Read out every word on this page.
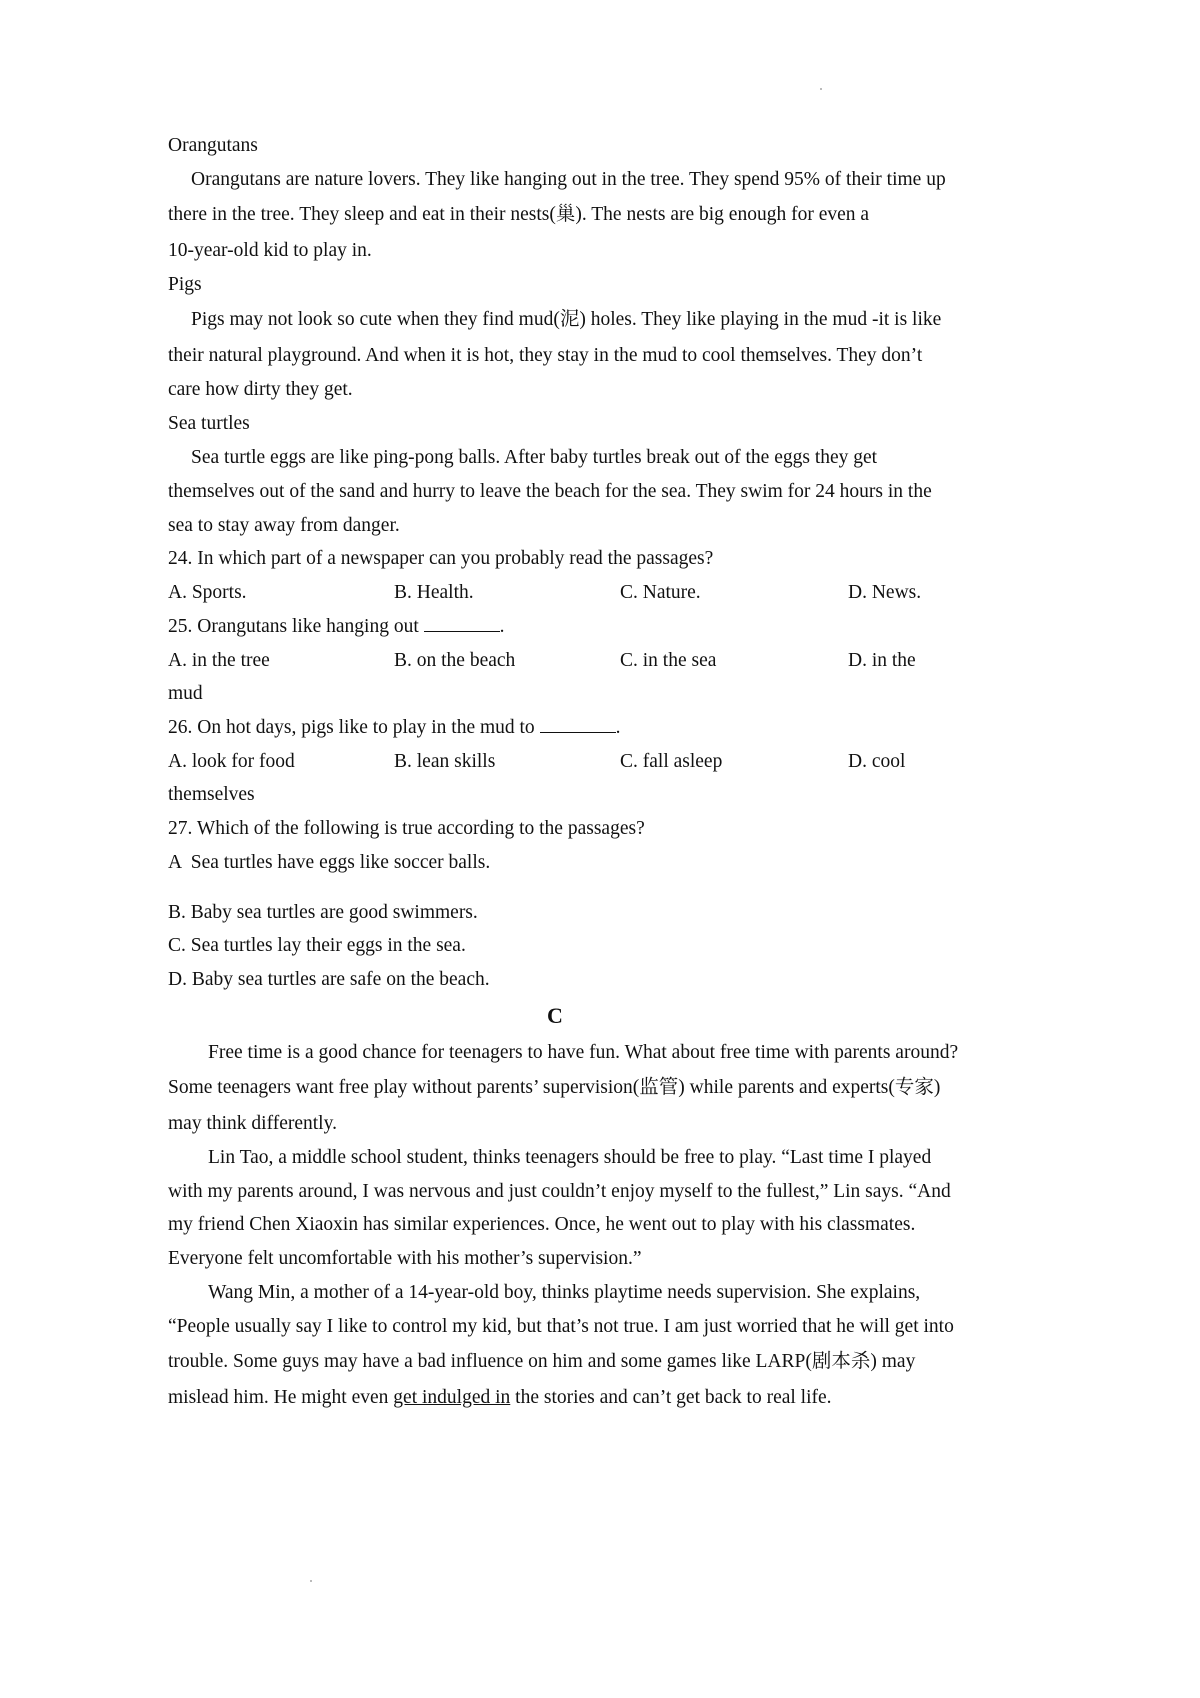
Orangutans
Orangutans are nature lovers. They like hanging out in the tree. They spend 95% of their time up
there in the tree. They sleep and eat in their nests(巢). The nests are big enough for even a
10-year-old kid to play in.
Pigs
Pigs may not look so cute when they find mud(泥) holes. They like playing in the mud -it is like
their natural playground. And when it is hot, they stay in the mud to cool themselves. They don’t
care how dirty they get.
Sea turtles
Sea turtle eggs are like ping-pong balls. After baby turtles break out of the eggs they get
themselves out of the sand and hurry to leave the beach for the sea. They swim for 24 hours in the
sea to stay away from danger.
24. In which part of a newspaper can you probably read the passages?
A. Sports.	B. Health.	C. Nature.	D. News.
25. Orangutans like hanging out	.
A. in the tree	B. on the beach	C. in the sea	D. in the
mud
26. On hot days, pigs like to play in the mud to	.
A. look for food	B. lean skills	C. fall asleep	D. cool
themselves
27. Which of the following is true according to the passages?
A  Sea turtles have eggs like soccer balls.
B. Baby sea turtles are good swimmers.
C. Sea turtles lay their eggs in the sea.
D. Baby sea turtles are safe on the beach.
C
Free time is a good chance for teenagers to have fun. What about free time with parents around?
Some teenagers want free play without parents’ supervision(监管) while parents and experts(专家)
may think differently.
Lin Tao, a middle school student, thinks teenagers should be free to play. “Last time I played
with my parents around, I was nervous and just couldn’t enjoy myself to the fullest,” Lin says. “And
my friend Chen Xiaoxin has similar experiences. Once, he went out to play with his classmates.
Everyone felt uncomfortable with his mother’s supervision.”
Wang Min, a mother of a 14-year-old boy, thinks playtime needs supervision. She explains,
“People usually say I like to control my kid, but that’s not true. I am just worried that he will get into
trouble. Some guys may have a bad influence on him and some games like LARP(剧本杀) may
mislead him. He might even get indulged in the stories and can’t get back to real life.
